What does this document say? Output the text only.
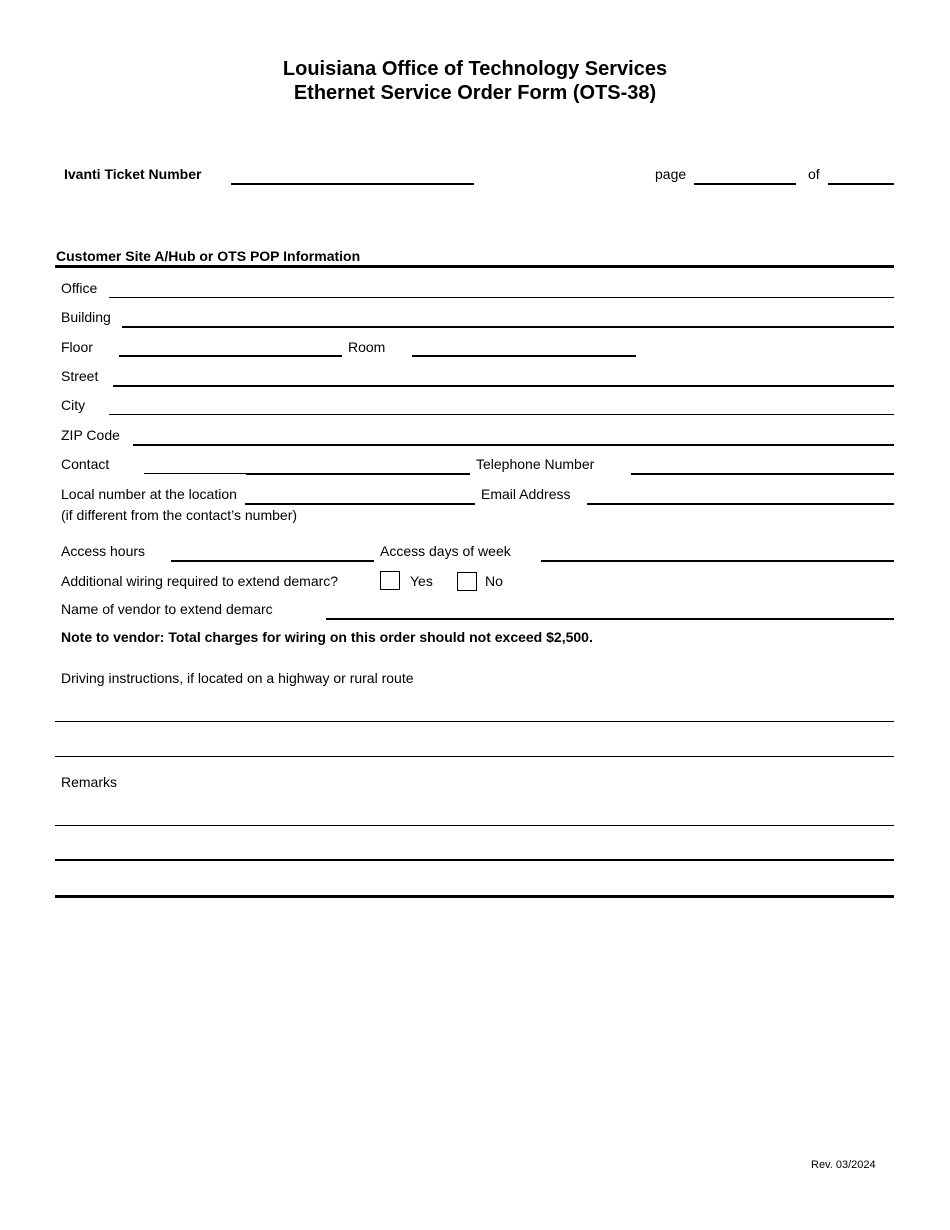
Louisiana Office of Technology Services
Ethernet Service Order Form (OTS-38)
Ivanti Ticket Number	page	of
Customer Site A/Hub or OTS POP Information
Office
Building
Floor	Room
Street
City
ZIP Code
Contact	Telephone Number
Local number at the location	Email Address
(if different from the contact’s number)
Access hours	Access days of week
Additional wiring required to extend demarc?	Yes	No
Name of vendor to extend demarc
Note to vendor: Total charges for wiring on this order should not exceed $2,500.
Driving instructions, if located on a highway or rural route
Remarks
Rev. 03/2024
